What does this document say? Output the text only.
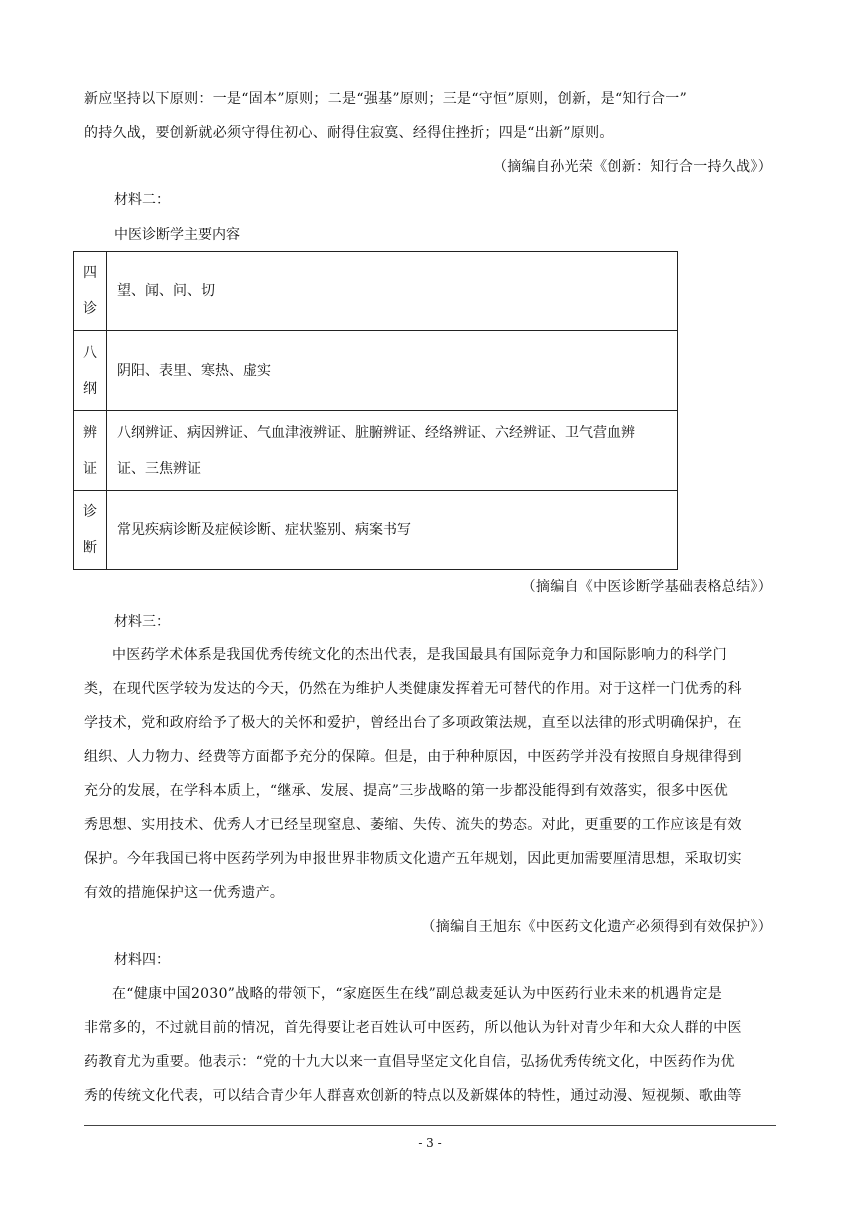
新应坚持以下原则：一是“固本”原则；二是“强基”原则；三是“守恒”原则，创新，是“知行合一”
的持久战，要创新就必须守得住初心、耐得住寂寞、经得住挫折；四是“出新”原则。
（摘编自孙光荣《创新：知行合一持久战》）
材料二：
中医诊断学主要内容
四
诊	望、闻、问、切

八
纲	阴阳、表里、寒热、虚实

辨
证	八纲辨证、病因辨证、气血津液辨证、脏腑辨证、经络辨证、六经辨证、卫气营血辨
证、三焦辨证

诊
断	常见疾病诊断及症候诊断、症状鉴别、病案书写
（摘编自《中医诊断学基础表格总结》）
材料三：
中医药学术体系是我国优秀传统文化的杰出代表，是我国最具有国际竞争力和国际影响力的科学门
类，在现代医学较为发达的今天，仍然在为维护人类健康发挥着无可替代的作用。对于这样一门优秀的科
学技术，党和政府给予了极大的关怀和爱护，曾经出台了多项政策法规，直至以法律的形式明确保护，在
组织、人力物力、经费等方面都予充分的保障。但是，由于种种原因，中医药学并没有按照自身规律得到
充分的发展，在学科本质上，“继承、发展、提高”三步战略的第一步都没能得到有效落实，很多中医优
秀思想、实用技术、优秀人才已经呈现窒息、萎缩、失传、流失的势态。对此，更重要的工作应该是有效
保护。今年我国已将中医药学列为申报世界非物质文化遗产五年规划，因此更加需要厘清思想，采取切实
有效的措施保护这一优秀遗产。
（摘编自王旭东《中医药文化遗产必须得到有效保护》）
材料四：
在“健康中国2030”战略的带领下，“家庭医生在线”副总裁麦延认为中医药行业未来的机遇肯定是
非常多的，不过就目前的情况，首先得要让老百姓认可中医药，所以他认为针对青少年和大众人群的中医
药教育尤为重要。他表示：“党的十九大以来一直倡导坚定文化自信，弘扬优秀传统文化，中医药作为优
秀的传统文化代表，可以结合青少年人群喜欢创新的特点以及新媒体的特性，通过动漫、短视频、歌曲等
- 3 -
